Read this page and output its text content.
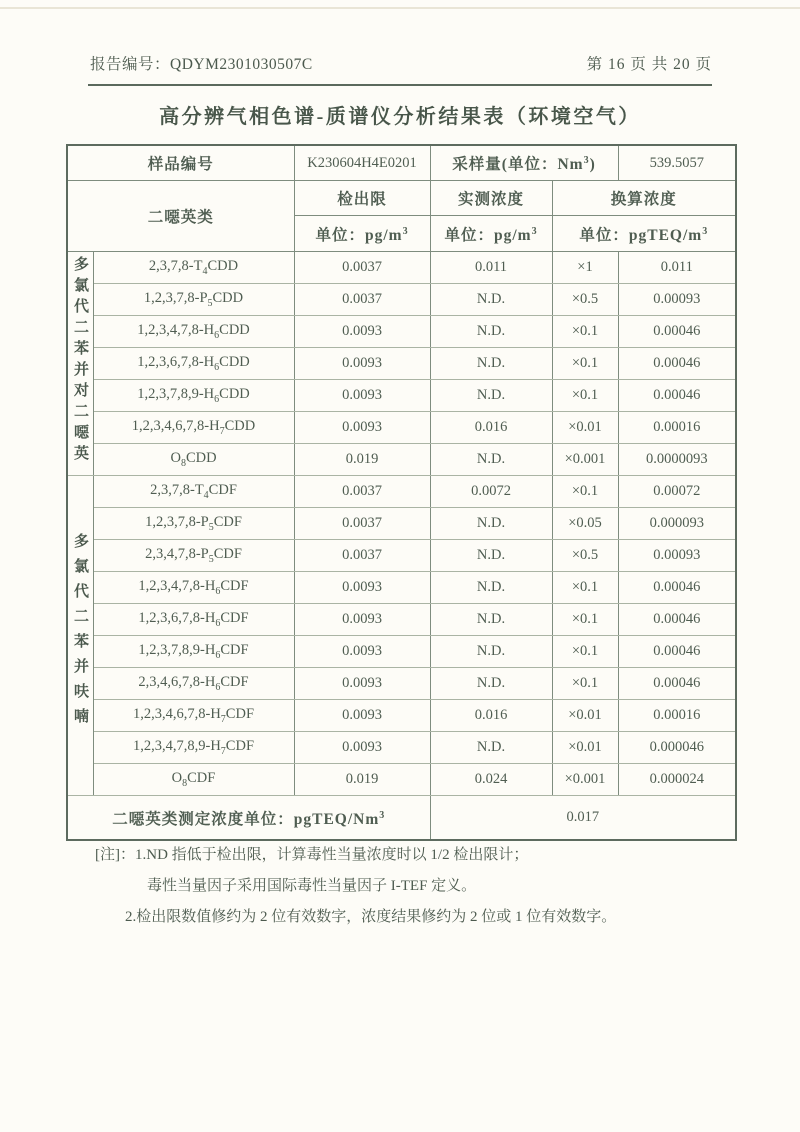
报告编号：QDYM2301030507C	第 16 页 共 20 页
高分辨气相色谱-质谱仪分析结果表（环境空气）
样品编号		K230604H4E0201	采样量(单位：Nm$^3$)		539.5057
二噁英类		检出限	实测浓度	换算浓度	
		单位：$pg/m^3$	单位：$pg/m^3$	单位：pgTEQ/$m^3$
多氯代二苯并对二噁英	$2,3,7,8-T_4CDD$	0.0037	0.011	×1	0.011
	$1,2,3,7,8-P_5CDD$	0.0037	N.D.	×0.5	0.00093
	$1,2,3,4,7,8-H_6CDD$	0.0093	N.D.	×0.1	0.00046
	$1,2,3,6,7,8-H_6CDD$	0.0093	N.D.	×0.1	0.00046
	$1,2,3,7,8,9-H_6CDD$	0.0093	N.D.	×0.1	0.00046
	$1,2,3,4,6,7,8-H_7CDD$	0.0093	0.016	×0.01	0.00016
	$O_8CDD$	0.019	N.D.	×0.001	0.0000093
多氯代二苯并呋喃	$2,3,7,8-T_4CDF$	0.0037	0.0072	×0.1	0.00072
	$1,2,3,7,8-P_5CDF$	0.0037	N.D.	×0.05	0.000093
	$2,3,4,7,8-P_5CDF$	0.0037	N.D.	×0.5	0.00093
	$1,2,3,4,7,8-H_6CDF$	0.0093	N.D.	×0.1	0.00046
	$1,2,3,6,7,8-H_6CDF$	0.0093	N.D.	×0.1	0.00046
	$1,2,3,7,8,9-H_6CDF$	0.0093	N.D.	×0.1	0.00046
	$2,3,4,6,7,8-H_6CDF$	0.0093	N.D.	×0.1	0.00046
	$1,2,3,4,6,7,8-H_7CDF$	0.0093	0.016	×0.01	0.00016
	$1,2,3,4,7,8,9-H_7CDF$	0.0093	N.D.	×0.01	0.000046
	$O_8CDF$	0.019	0.024	×0.001	0.000024
二噁英类测定浓度单位：pgTEQ/Nm$^3$			0.017		
[注]：1.ND 指低于检出限，计算毒性当量浓度时以 1/2 检出限计；
毒性当量因子采用国际毒性当量因子 I-TEF 定义。
2.检出限数值修约为 2 位有效数字，浓度结果修约为 2 位或 1 位有效数字。
